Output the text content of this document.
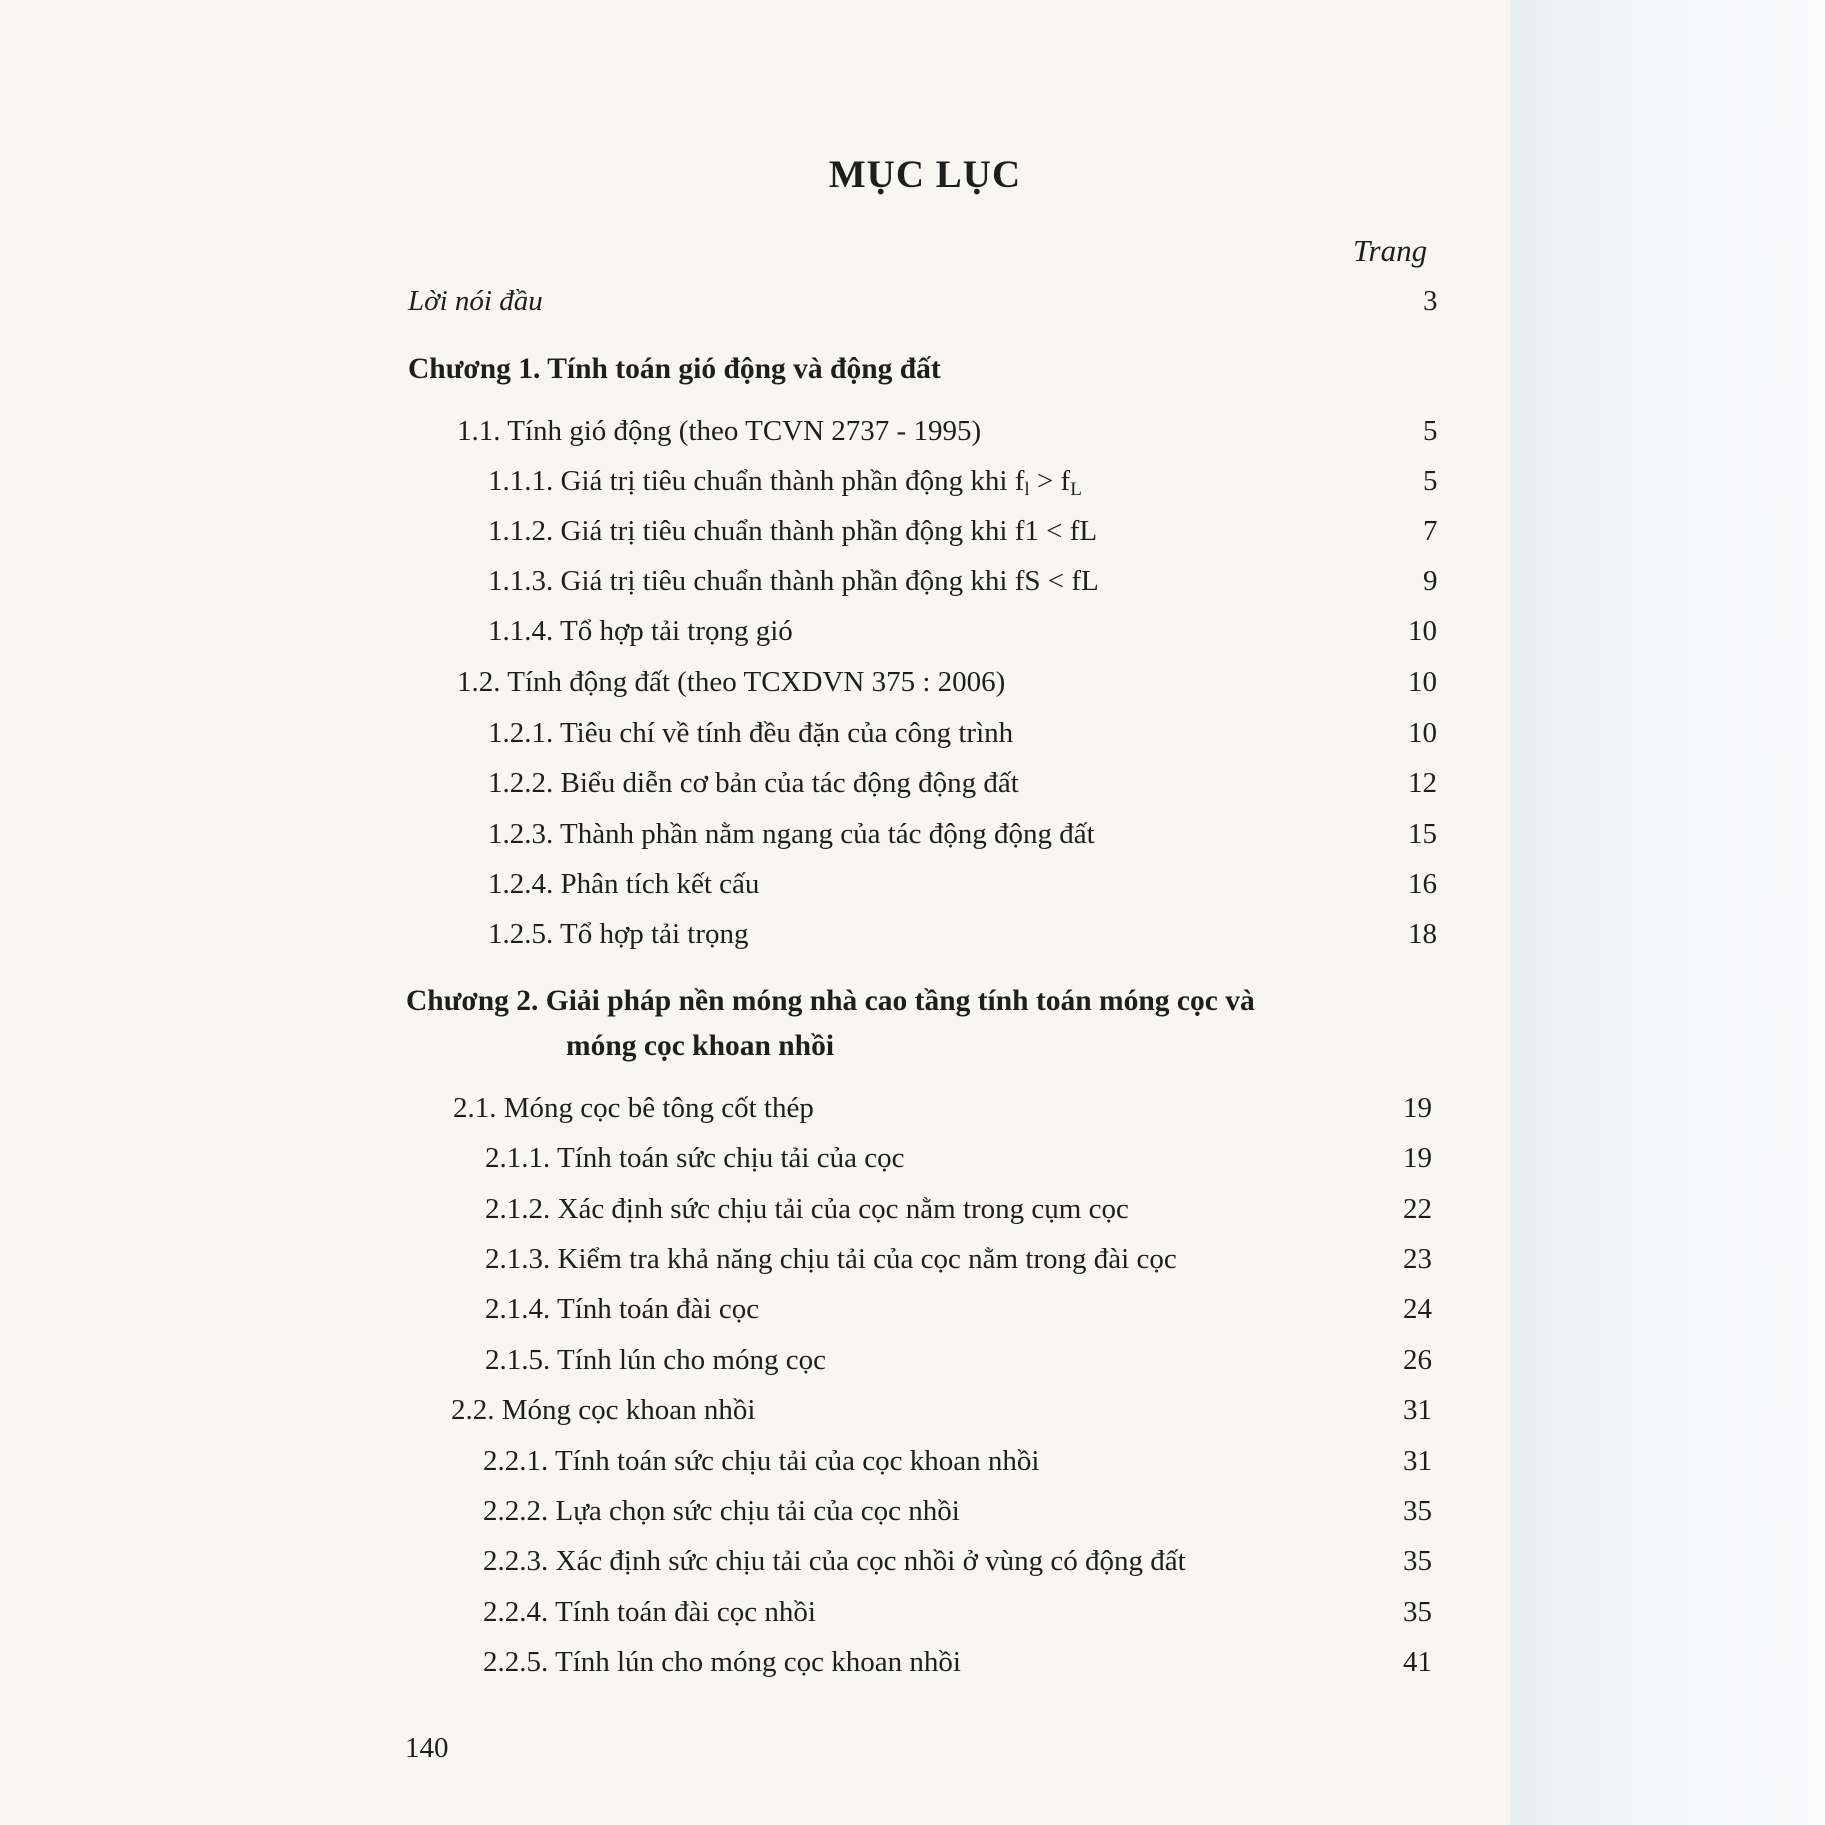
MỤC LỤC
Trang
Lời nói đầu	3
Chương 1. Tính toán gió động và động đất
1.1. Tính gió động (theo TCVN 2737 - 1995)	5
1.1.1. Giá trị tiêu chuẩn thành phần động khi $f_l > f_L$	5
1.1.2. Giá trị tiêu chuẩn thành phần động khi f1 < fL	7
1.1.3. Giá trị tiêu chuẩn thành phần động khi fS < fL	9
1.1.4. Tổ hợp tải trọng gió	10
1.2. Tính động đất (theo TCXDVN 375 : 2006)	10
1.2.1. Tiêu chí về tính đều đặn của công trình	10
1.2.2. Biểu diễn cơ bản của tác động động đất	12
1.2.3. Thành phần nằm ngang của tác động động đất	15
1.2.4. Phân tích kết cấu	16
1.2.5. Tổ hợp tải trọng	18
Chương 2. Giải pháp nền móng nhà cao tầng tính toán móng cọc và
móng cọc khoan nhồi
2.1. Móng cọc bê tông cốt thép	19
2.1.1. Tính toán sức chịu tải của cọc	19
2.1.2. Xác định sức chịu tải của cọc nằm trong cụm cọc	22
2.1.3. Kiểm tra khả năng chịu tải của cọc nằm trong đài cọc	23
2.1.4. Tính toán đài cọc	24
2.1.5. Tính lún cho móng cọc	26
2.2. Móng cọc khoan nhồi	31
2.2.1. Tính toán sức chịu tải của cọc khoan nhồi	31
2.2.2. Lựa chọn sức chịu tải của cọc nhồi	35
2.2.3. Xác định sức chịu tải của cọc nhồi ở vùng có động đất	35
2.2.4. Tính toán đài cọc nhồi	35
2.2.5. Tính lún cho móng cọc khoan nhồi	41
140
